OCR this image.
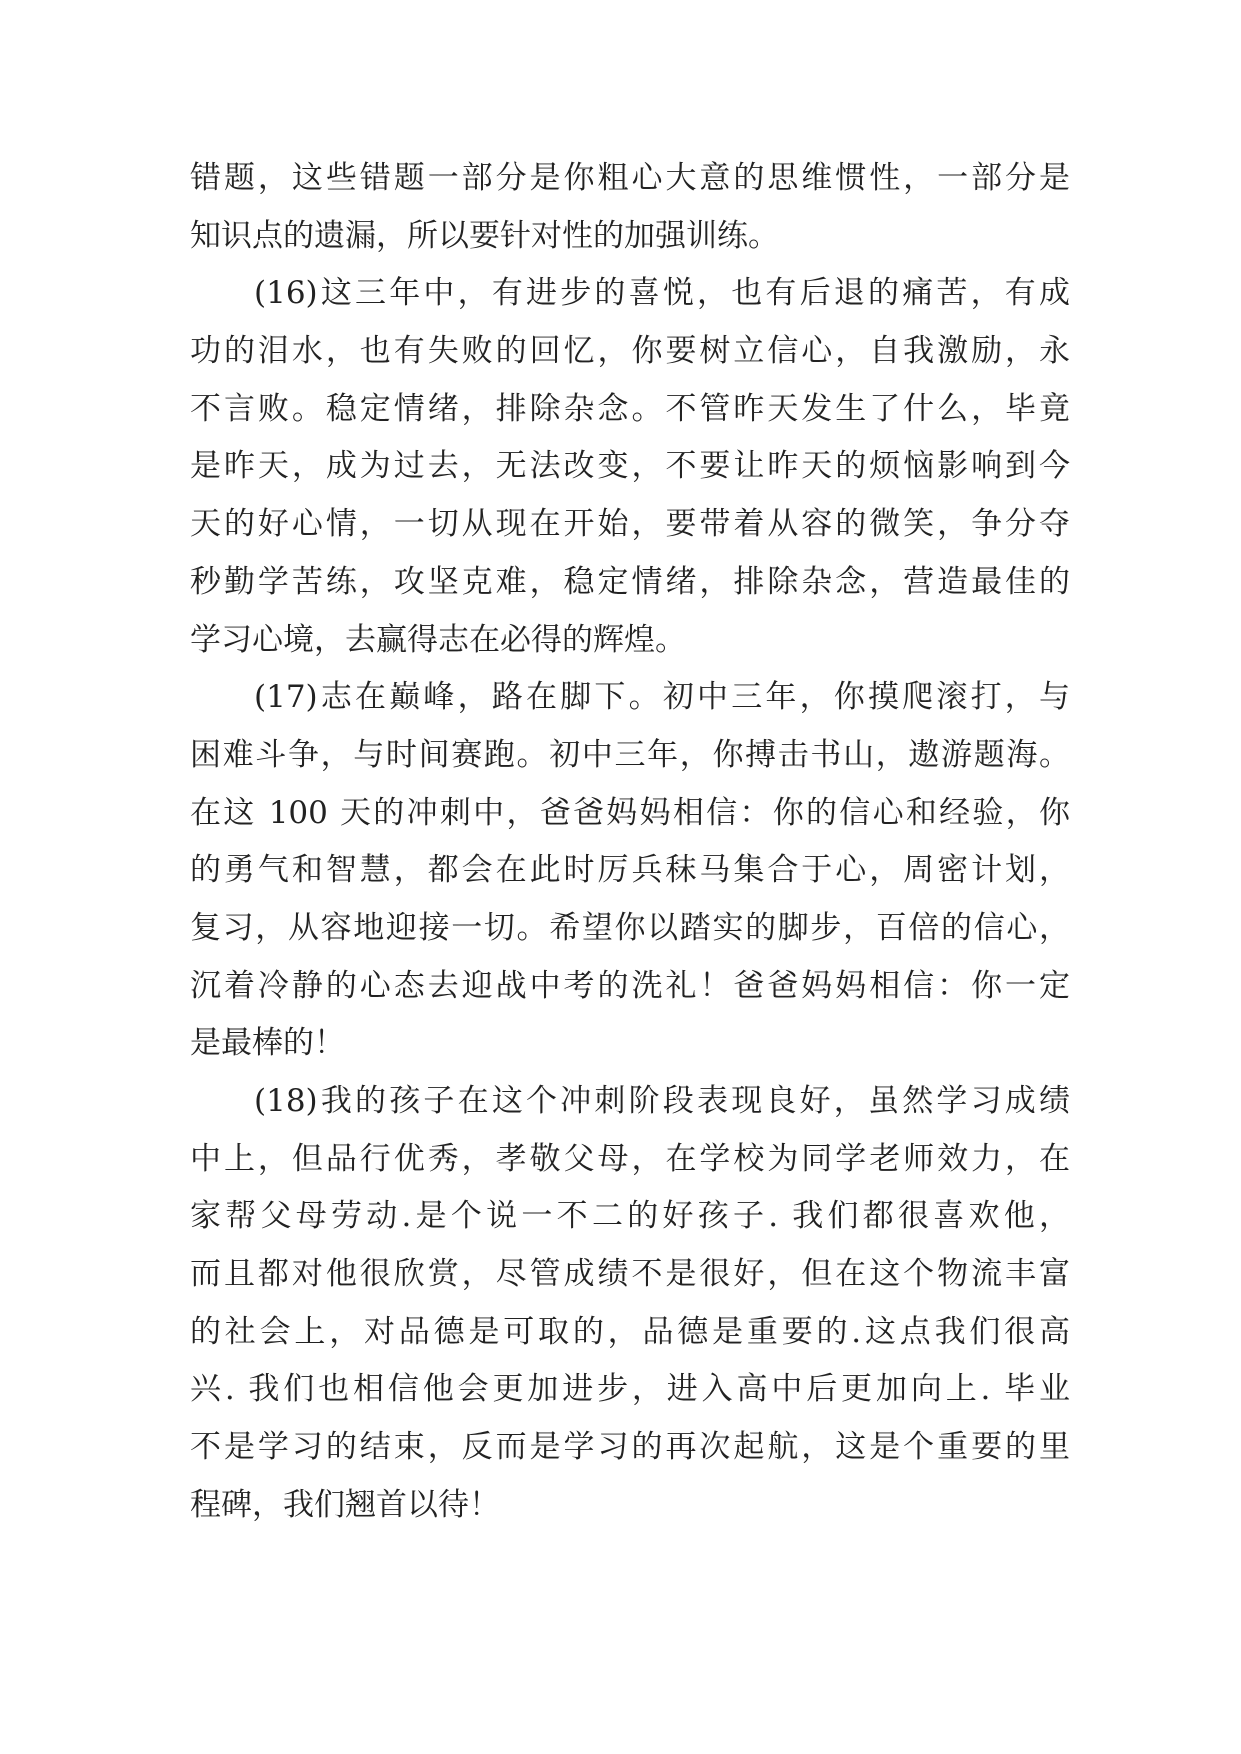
错题，这些错题一部分是你粗心大意的思维惯性，一部分是
知识点的遗漏，所以要针对性的加强训练。
(16)这三年中，有进步的喜悦，也有后退的痛苦，有成
功的泪水，也有失败的回忆，你要树立信心，自我激励，永
不言败。稳定情绪，排除杂念。不管昨天发生了什么，毕竟
是昨天，成为过去，无法改变，不要让昨天的烦恼影响到今
天的好心情，一切从现在开始，要带着从容的微笑，争分夺
秒勤学苦练，攻坚克难，稳定情绪，排除杂念，营造最佳的
学习心境，去赢得志在必得的辉煌。
(17)志在巅峰，路在脚下。初中三年，你摸爬滚打，与
困难斗争，与时间赛跑。初中三年，你搏击书山，遨游题海。
在这 100 天的冲刺中，爸爸妈妈相信：你的信心和经验，你
的勇气和智慧，都会在此时厉兵秣马集合于心，周密计划，
复习，从容地迎接一切。希望你以踏实的脚步，百倍的信心，
沉着冷静的心态去迎战中考的洗礼！爸爸妈妈相信：你一定
是最棒的！
(18)我的孩子在这个冲刺阶段表现良好，虽然学习成绩
中上，但品行优秀，孝敬父母，在学校为同学老师效力，在
家帮父母劳动.是个说一不二的好孩子. 我们都很喜欢他，
而且都对他很欣赏，尽管成绩不是很好，但在这个物流丰富
的社会上，对品德是可取的，品德是重要的.这点我们很高
兴. 我们也相信他会更加进步，进入高中后更加向上. 毕业
不是学习的结束，反而是学习的再次起航，这是个重要的里
程碑，我们翘首以待！
